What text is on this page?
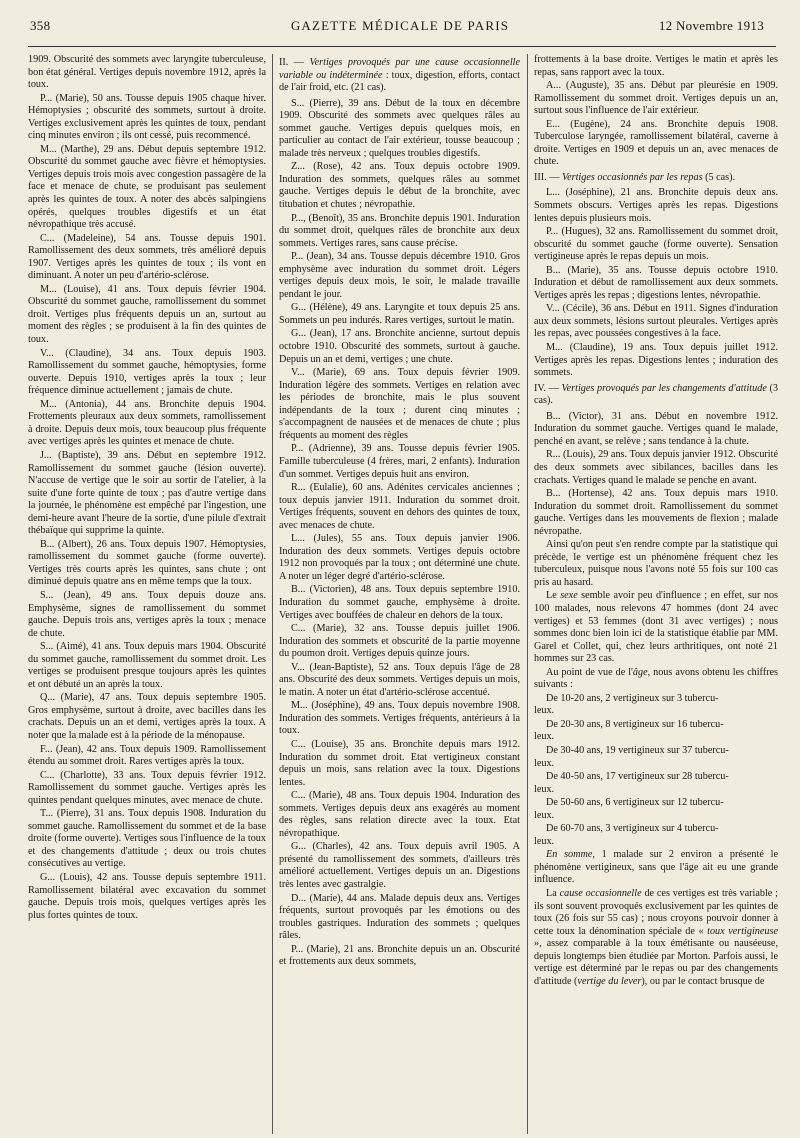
358	GAZETTE MÉDICALE DE PARIS	12 Novembre 1913

1909. Obscurité des sommets avec laryngite tuberculeuse, bon état général. Vertiges depuis novembre 1912, après la toux.

P... (Marie), 50 ans. Tousse depuis 1905 chaque hiver. Hémoptysies ; obscurité des sommets, surtout à droite. Vertiges exclusivement après les quintes de toux, pendant cinq minutes environ ; ils ont cessé, puis recommencé.

M... (Marthe), 29 ans. Début depuis septembre 1912. Obscurité du sommet gauche avec fièvre et hémoptysies. Vertiges depuis trois mois avec congestion passagère de la face et menace de chute, se produisant pas seulement après les quintes de toux. A noter des abcès salpingiens opérés, quelques troubles digestifs et un état névropathique très accusé.

C... (Madeleine), 54 ans. Tousse depuis 1901. Ramollissement des deux sommets, très amélioré depuis 1907. Vertiges après les quintes de toux ; ils vont en diminuant. A noter un peu d'artério-sclérose.

M... (Louise), 41 ans. Toux depuis février 1904. Obscurité du sommet gauche, ramollissement du sommet droit. Vertiges plus fréquents depuis un an, surtout au moment des règles ; se produisent à la fin des quintes de toux.

V... (Claudine), 34 ans. Toux depuis 1903. Ramollissement du sommet gauche, hémoptysies, forme ouverte. Depuis 1910, vertiges après la toux ; leur fréquence diminue actuellement ; jamais de chute.

M... (Antonia), 44 ans. Bronchite depuis 1904. Frottements pleuraux aux deux sommets, ramollissement à droite. Depuis deux mois, toux beaucoup plus fréquente avec vertiges après les quintes et menace de chute.

J... (Baptiste), 39 ans. Début en septembre 1912. Ramollissement du sommet gauche (lésion ouverte). N'accuse de vertige que le soir au sortir de l'atelier, à la suite d'une forte quinte de toux ; pas d'autre vertige dans la journée, le phénomène est empêché par l'ingestion, une demi-heure avant l'heure de la sortie, d'une pilule d'extrait thébaïque qui supprime la quinte.

B... (Albert), 26 ans. Toux depuis 1907. Hémoptysies, ramollissement du sommet gauche (forme ouverte). Vertiges très courts après les quintes, sans chute ; ont diminué depuis quatre ans en même temps que la toux.

S... (Jean), 49 ans. Toux depuis douze ans. Emphysème, signes de ramollissement du sommet gauche. Depuis trois ans, vertiges après la toux ; menace de chute.

S... (Aimé), 41 ans. Toux depuis mars 1904. Obscurité du sommet gauche, ramollissement du sommet droit. Les vertiges se produisent presque toujours après les quintes et ont débuté un an après la toux.

Q... (Marie), 47 ans. Toux depuis septembre 1905. Gros emphysème, surtout à droite, avec bacilles dans les crachats. Depuis un an et demi, vertiges après la toux. A noter que la malade est à la période de la ménopause.

F... (Jean), 42 ans. Toux depuis 1909. Ramollissement étendu au sommet droit. Rares vertiges après la toux.

C... (Charlotte), 33 ans. Toux depuis février 1912. Ramollissement du sommet gauche. Vertiges après les quintes pendant quelques minutes, avec menace de chute.

T... (Pierre), 31 ans. Toux depuis 1908. Induration du sommet gauche. Ramollissement du sommet et de la base droite (forme ouverte). Vertiges sous l'influence de la toux et des changements d'attitude ; deux ou trois chutes consécutives au vertige.

G... (Louis), 42 ans. Tousse depuis septembre 1911. Ramollissement bilatéral avec excavation du sommet gauche. Depuis trois mois, quelques vertiges après les plus fortes quintes de toux.

II. — Vertiges provoqués par une cause occasionnelle variable ou indéterminée : toux, digestion, efforts, contact de l'air froid, etc. (21 cas).

S... (Pierre), 39 ans. Début de la toux en décembre 1909. Obscurité des sommets avec quelques râles au sommet gauche. Vertiges depuis quelques mois, en particulier au contact de l'air extérieur, tousse beaucoup ; malade très nerveux ; quelques troubles digestifs.

Z... (Rose), 42 ans. Toux depuis octobre 1909. Induration des sommets, quelques râles au sommet gauche. Vertiges depuis le début de la bronchite, avec titubation et chutes ; névropathie.

P..., (Benoît), 35 ans. Bronchite depuis 1901. Induration du sommet droit, quelques râles de bronchite aux deux sommets. Vertiges rares, sans cause précise.

P... (Jean), 34 ans. Tousse depuis décembre 1910. Gros emphysème avec induration du sommet droit. Légers vertiges depuis deux mois, le soir, le malade travaille pendant le jour.

G... (Hélène), 49 ans. Laryngite et toux depuis 25 ans. Sommets un peu indurés. Rares vertiges, surtout le matin.

G... (Jean), 17 ans. Bronchite ancienne, surtout depuis octobre 1910. Obscurité des sommets, surtout à gauche. Depuis un an et demi, vertiges ; une chute.

V... (Marie), 69 ans. Toux depuis février 1909. Induration légère des sommets. Vertiges en relation avec les périodes de bronchite, mais le plus souvent indépendants de la toux ; durent cinq minutes ; s'accompagnent de nausées et de menaces de chute ; plus fréquents au moment des règles

P... (Adrienne), 39 ans. Tousse depuis février 1905. Famille tuberculeuse (4 frères, mari, 2 enfants). Induration d'un sommet. Vertiges depuis huit ans environ.

R... (Eulalie), 60 ans. Adénites cervicales anciennes ; toux depuis janvier 1911. Induration du sommet droit. Vertiges fréquents, souvent en dehors des quintes de toux, avec menaces de chute.

L... (Jules), 55 ans. Toux depuis janvier 1906. Induration des deux sommets. Vertiges depuis octobre 1912 non provoqués par la toux ; ont déterminé une chute. A noter un léger degré d'artério-sclérose.

B... (Victorien), 48 ans. Toux depuis septembre 1910. Induration du sommet gauche, emphysème à droite. Vertiges avec bouffées de chaleur en dehors de la toux.

C... (Marie), 32 ans. Tousse depuis juillet 1906. Induration des sommets et obscurité de la partie moyenne du poumon droit. Vertiges depuis quinze jours.

V... (Jean-Baptiste), 52 ans. Toux depuis l'âge de 28 ans. Obscurité des deux sommets. Vertiges depuis un mois, le matin. A noter un état d'artério-sclérose accentué.

M... (Joséphine), 49 ans. Toux depuis novembre 1908. Induration des sommets. Vertiges fréquents, antérieurs à la toux.

C... (Louise), 35 ans. Bronchite depuis mars 1912. Induration du sommet droit. Etat vertigineux constant depuis un mois, sans relation avec la toux. Digestions lentes.

C... (Marie), 48 ans. Toux depuis 1904. Induration des sommets. Vertiges depuis deux ans exagérés au moment des règles, sans relation directe avec la toux. Etat névropathique.

G... (Charles), 42 ans. Toux depuis avril 1905. A présenté du ramollissement des sommets, d'ailleurs très amélioré actuellement. Vertiges depuis un an. Digestions très lentes avec gastralgie.

D... (Marie), 44 ans. Malade depuis deux ans. Vertiges fréquents, surtout provoqués par les émotions ou des troubles gastriques. Induration des sommets ; quelques râles.

P... (Marie), 21 ans. Bronchite depuis un an. Obscurité et frottements aux deux sommets,

frottements à la base droite. Vertiges le matin et après les repas, sans rapport avec la toux.

A... (Auguste), 35 ans. Début par pleurésie en 1909. Ramollissement du sommet droit. Vertiges depuis un an, surtout sous l'influence de l'air extérieur.

E... (Eugène), 24 ans. Bronchite depuis 1908. Tuberculose laryngée, ramollissement bilatéral, caverne à droite. Vertiges en 1909 et depuis un an, avec menaces de chute.

III. — Vertiges occasionnés par les repas (5 cas).

L... (Joséphine), 21 ans. Bronchite depuis deux ans. Sommets obscurs. Vertiges après les repas. Digestions lentes depuis plusieurs mois.

P... (Hugues), 32 ans. Ramollissement du sommet droit, obscurité du sommet gauche (forme ouverte). Sensation vertigineuse après le repas depuis un mois.

B... (Marie), 35 ans. Tousse depuis octobre 1910. Induration et début de ramollissement aux deux sommets. Vertiges après les repas ; digestions lentes, névropathie.

V... (Cécile), 36 ans. Début en 1911. Signes d'induration aux deux sommets, lésions surtout pleurales. Vertiges après les repas, avec poussées congestives à la face.

M... (Claudine), 19 ans. Toux depuis juillet 1912. Vertiges après les repas. Digestions lentes ; induration des sommets.

IV. — Vertiges provoqués par les changements d'attitude (3 cas).

B... (Victor), 31 ans. Début en novembre 1912. Induration du sommet gauche. Vertiges quand le malade, penché en avant, se relève ; sans tendance à la chute.

R... (Louis), 29 ans. Toux depuis janvier 1912. Obscurité des deux sommets avec sibilances, bacilles dans les crachats. Vertiges quand le malade se penche en avant.

B... (Hortense), 42 ans. Toux depuis mars 1910. Induration du sommet droit. Ramollissement du sommet gauche. Vertiges dans les mouvements de flexion ; malade névropathe.

Ainsi qu'on peut s'en rendre compte par la statistique qui précède, le vertige est un phénomène fréquent chez les tuberculeux, puisque nous l'avons noté 55 fois sur 100 cas pris au hasard.

Le sexe semble avoir peu d'influence ; en effet, sur nos 100 malades, nous relevons 47 hommes (dont 24 avec vertiges) et 53 femmes (dont 31 avec vertiges) ; nous sommes donc bien loin ici de la statistique établie par MM. Garel et Collet, qui, chez leurs arthritiques, ont noté 21 hommes sur 23 cas.

Au point de vue de l'âge, nous avons obtenu les chiffres suivants :

De 10-20 ans, 2 vertigineux sur 3 tubercu-

leux.

De 20-30 ans, 8 vertigineux sur 16 tubercu-

leux.

De 30-40 ans, 19 vertigineux sur 37 tubercu-

leux.

De 40-50 ans, 17 vertigineux sur 28 tubercu-

leux.

De 50-60 ans, 6 vertigineux sur 12 tubercu-

leux.

De 60-70 ans, 3 vertigineux sur 4 tubercu-

leux.

En somme, 1 malade sur 2 environ a présenté le phénomène vertigineux, sans que l'âge ait eu une grande influence.

La cause occasionnelle de ces vertiges est très variable ; ils sont souvent provoqués exclusivement par les quintes de toux (26 fois sur 55 cas) ; nous croyons pouvoir donner à cette toux la dénomination spéciale de « toux vertigineuse », assez comparable à la toux émétisante ou nauséeuse, depuis longtemps bien étudiée par Morton. Parfois aussi, le vertige est déterminé par le repas ou par des changements d'attitude (vertige du lever), ou par le contact brusque de
